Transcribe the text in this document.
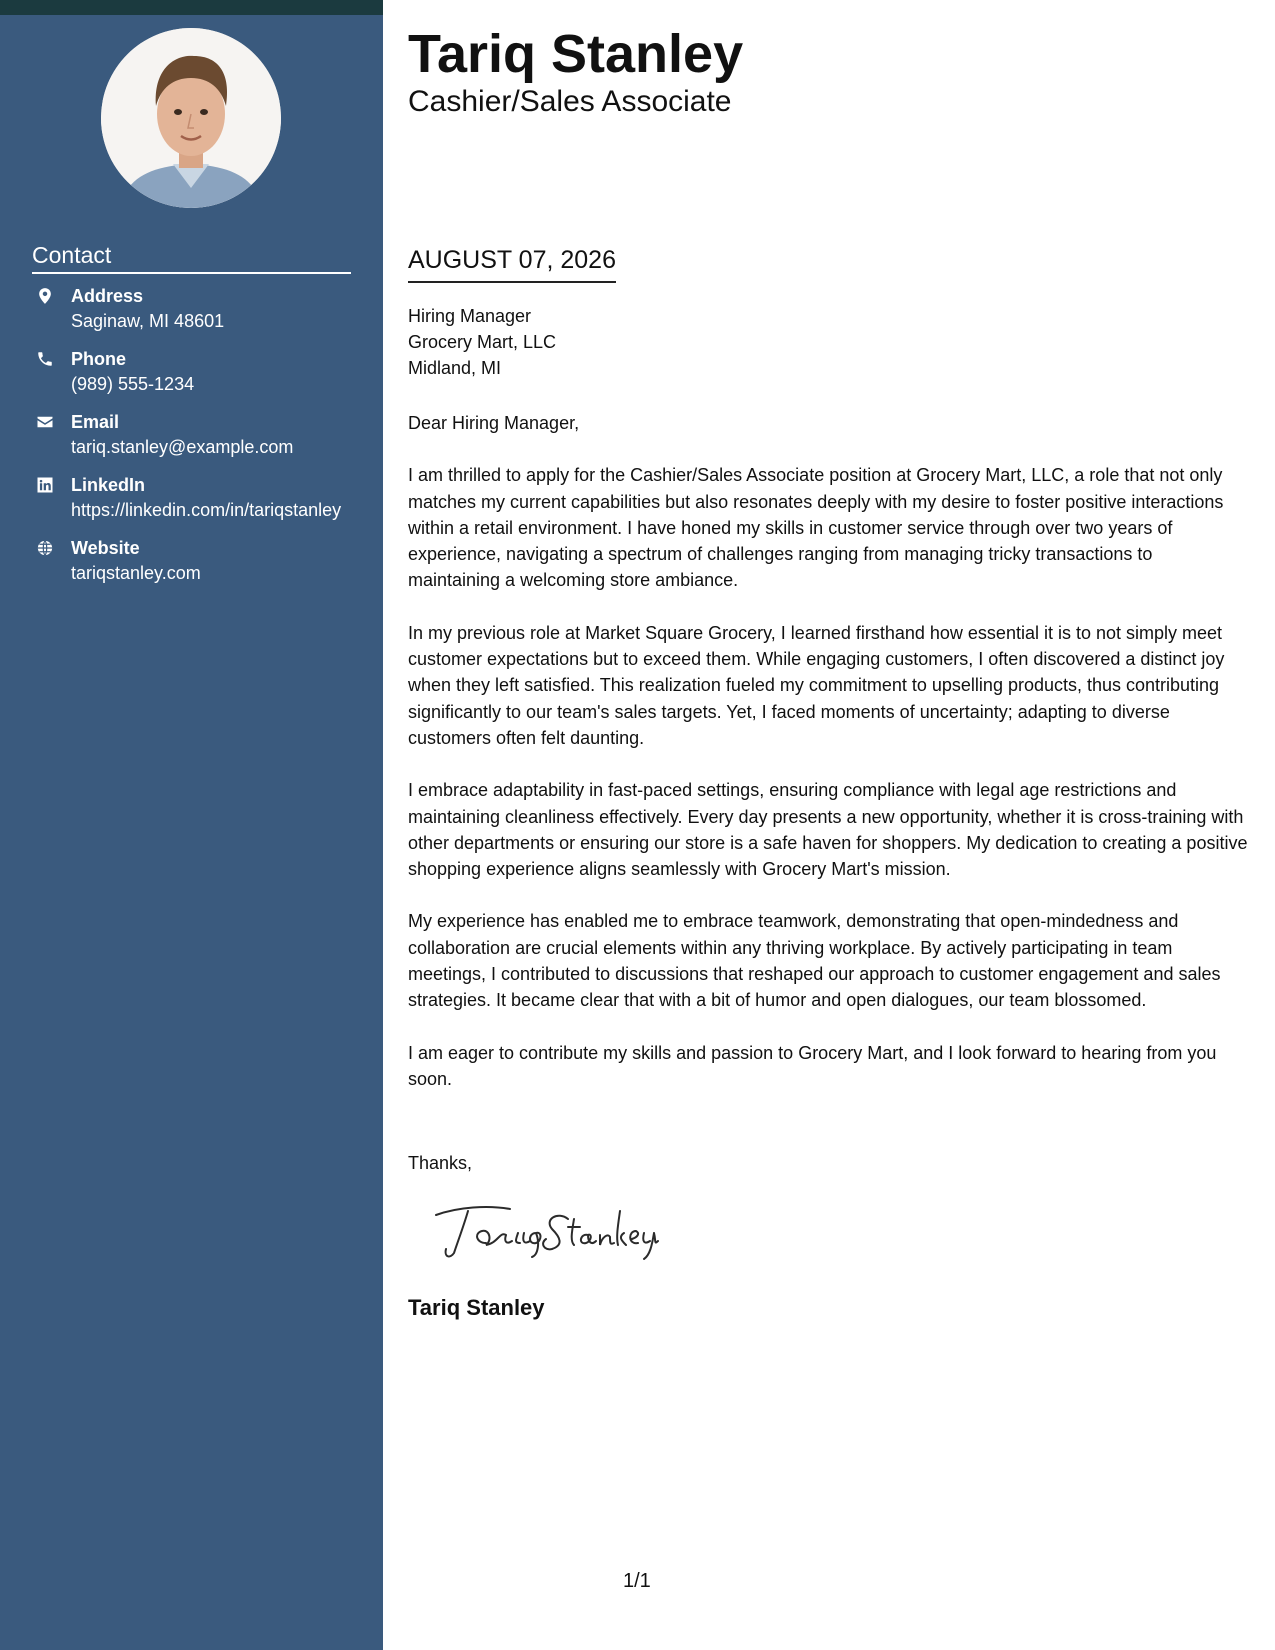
Contact
Address
Saginaw, MI 48601
Phone
(989) 555-1234
Email
tariq.stanley@example.com
LinkedIn
https://linkedin.com/in/tariqstanley
Website
tariqstanley.com
Tariq Stanley
Cashier/Sales Associate
AUGUST 07, 2026
Hiring Manager
Grocery Mart, LLC
Midland, MI

Dear Hiring Manager,

I am thrilled to apply for the Cashier/Sales Associate position at Grocery Mart, LLC, a role that not only matches my current capabilities but also resonates deeply with my desire to foster positive interactions within a retail environment. I have honed my skills in customer service through over two years of experience, navigating a spectrum of challenges ranging from managing tricky transactions to maintaining a welcoming store ambiance.

In my previous role at Market Square Grocery, I learned firsthand how essential it is to not simply meet customer expectations but to exceed them. While engaging customers, I often discovered a distinct joy when they left satisfied. This realization fueled my commitment to upselling products, thus contributing significantly to our team's sales targets. Yet, I faced moments of uncertainty; adapting to diverse customers often felt daunting.

I embrace adaptability in fast-paced settings, ensuring compliance with legal age restrictions and maintaining cleanliness effectively. Every day presents a new opportunity, whether it is cross-training with other departments or ensuring our store is a safe haven for shoppers. My dedication to creating a positive shopping experience aligns seamlessly with Grocery Mart's mission.

My experience has enabled me to embrace teamwork, demonstrating that open-mindedness and collaboration are crucial elements within any thriving workplace. By actively participating in team meetings, I contributed to discussions that reshaped our approach to customer engagement and sales strategies. It became clear that with a bit of humor and open dialogues, our team blossomed.

I am eager to contribute my skills and passion to Grocery Mart, and I look forward to hearing from you soon.

Thanks,
Tariq Stanley
1/1
